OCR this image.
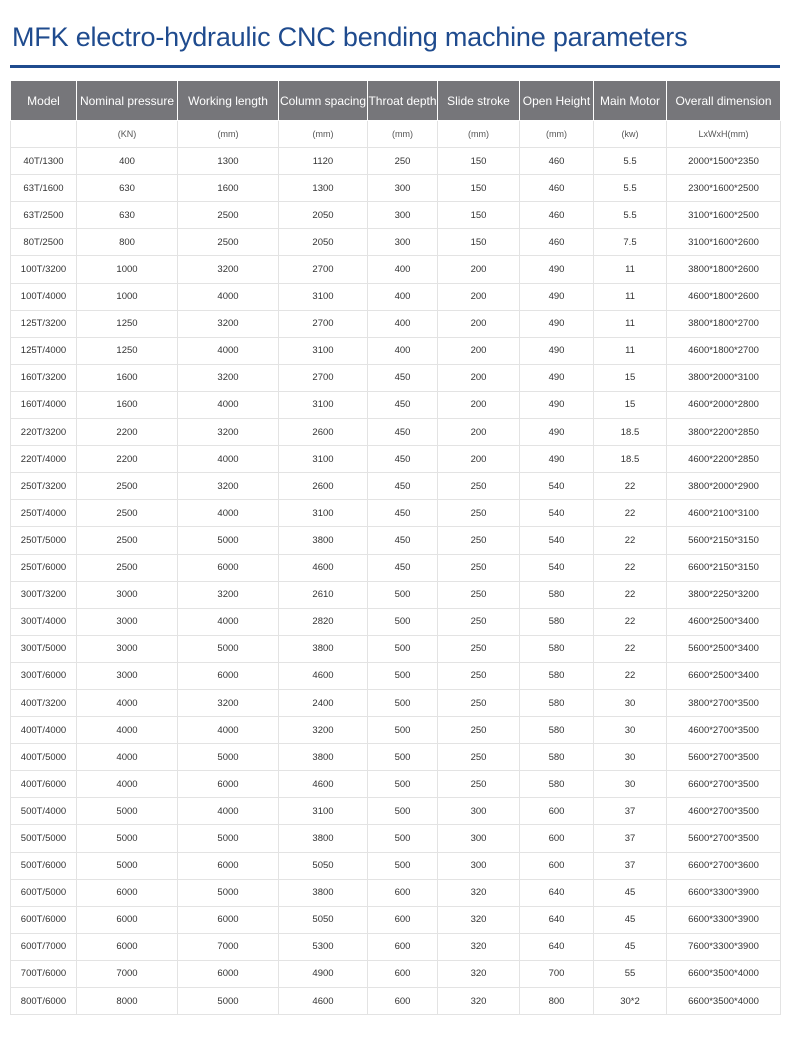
MFK electro-hydraulic CNC bending machine parameters
Model	Nominal pressure	Working length	Column spacing	Throat depth	Slide stroke	Open Height	Main Motor	Overall dimension
	(KN)	(mm)	(mm)	(mm)	(mm)	(mm)	(kw)	LxWxH(mm)
40T/1300	400	1300	1120	250	150	460	5.5	2000*1500*2350
63T/1600	630	1600	1300	300	150	460	5.5	2300*1600*2500
63T/2500	630	2500	2050	300	150	460	5.5	3100*1600*2500
80T/2500	800	2500	2050	300	150	460	7.5	3100*1600*2600
100T/3200	1000	3200	2700	400	200	490	11	3800*1800*2600
100T/4000	1000	4000	3100	400	200	490	11	4600*1800*2600
125T/3200	1250	3200	2700	400	200	490	11	3800*1800*2700
125T/4000	1250	4000	3100	400	200	490	11	4600*1800*2700
160T/3200	1600	3200	2700	450	200	490	15	3800*2000*3100
160T/4000	1600	4000	3100	450	200	490	15	4600*2000*2800
220T/3200	2200	3200	2600	450	200	490	18.5	3800*2200*2850
220T/4000	2200	4000	3100	450	200	490	18.5	4600*2200*2850
250T/3200	2500	3200	2600	450	250	540	22	3800*2000*2900
250T/4000	2500	4000	3100	450	250	540	22	4600*2100*3100
250T/5000	2500	5000	3800	450	250	540	22	5600*2150*3150
250T/6000	2500	6000	4600	450	250	540	22	6600*2150*3150
300T/3200	3000	3200	2610	500	250	580	22	3800*2250*3200
300T/4000	3000	4000	2820	500	250	580	22	4600*2500*3400
300T/5000	3000	5000	3800	500	250	580	22	5600*2500*3400
300T/6000	3000	6000	4600	500	250	580	22	6600*2500*3400
400T/3200	4000	3200	2400	500	250	580	30	3800*2700*3500
400T/4000	4000	4000	3200	500	250	580	30	4600*2700*3500
400T/5000	4000	5000	3800	500	250	580	30	5600*2700*3500
400T/6000	4000	6000	4600	500	250	580	30	6600*2700*3500
500T/4000	5000	4000	3100	500	300	600	37	4600*2700*3500
500T/5000	5000	5000	3800	500	300	600	37	5600*2700*3500
500T/6000	5000	6000	5050	500	300	600	37	6600*2700*3600
600T/5000	6000	5000	3800	600	320	640	45	6600*3300*3900
600T/6000	6000	6000	5050	600	320	640	45	6600*3300*3900
600T/7000	6000	7000	5300	600	320	640	45	7600*3300*3900
700T/6000	7000	6000	4900	600	320	700	55	6600*3500*4000
800T/6000	8000	5000	4600	600	320	800	30*2	6600*3500*4000
